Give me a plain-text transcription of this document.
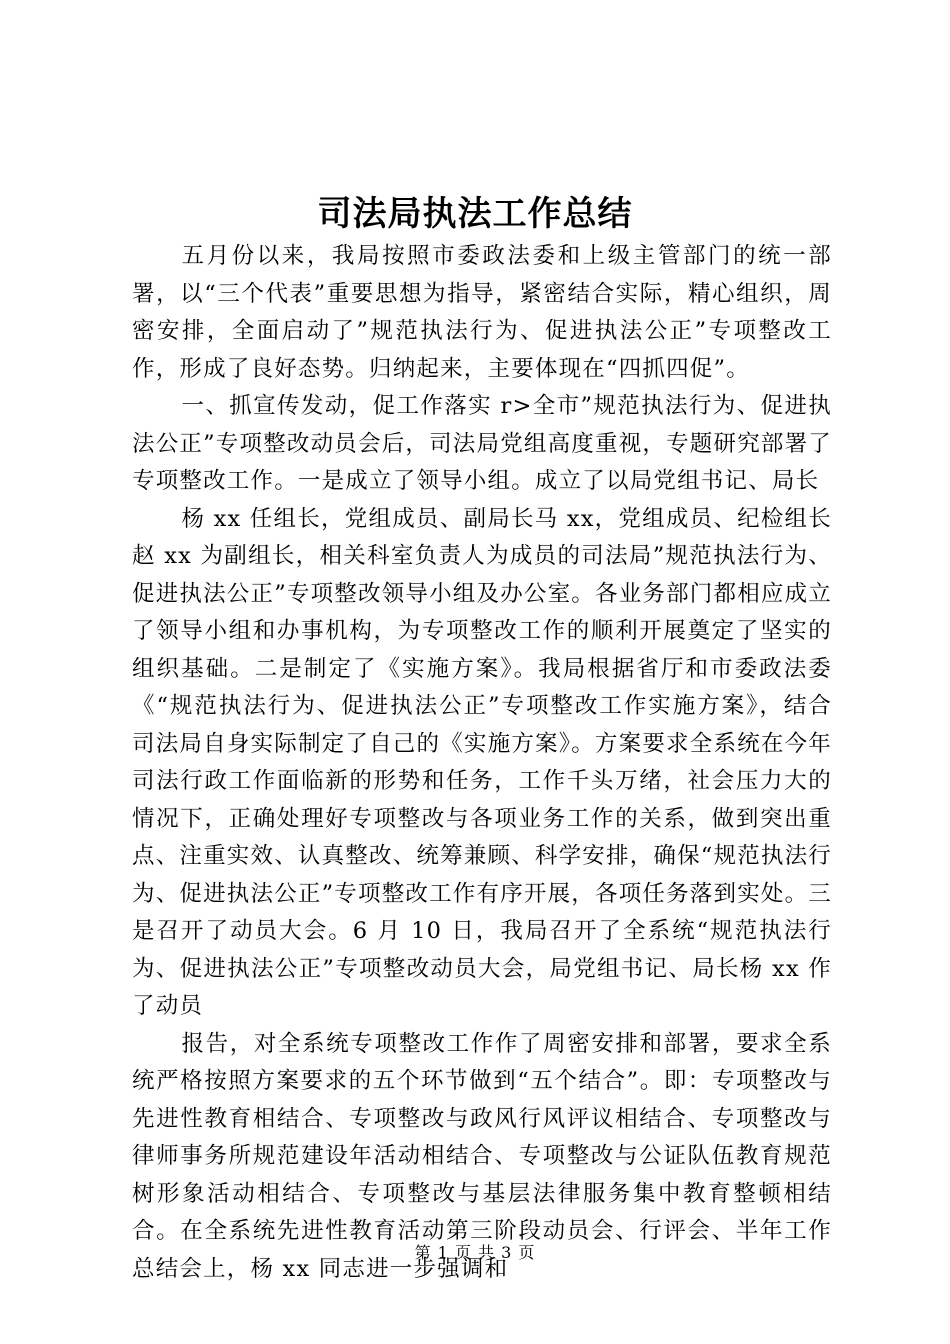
司法局执法工作总结

五月份以来，我局按照市委政法委和上级主管部门的统一部署，以“三个代表”重要思想为指导，紧密结合实际，精心组织，周密安排，全面启动了”规范执法行为、促进执法公正”专项整改工作，形成了良好态势。归纳起来，主要体现在“四抓四促”。

一、抓宣传发动，促工作落实 r>全市”规范执法行为、促进执法公正”专项整改动员会后，司法局党组高度重视，专题研究部署了专项整改工作。一是成立了领导小组。成立了以局党组书记、局长

杨 xx 任组长，党组成员、副局长马 xx，党组成员、纪检组长赵 xx 为副组长，相关科室负责人为成员的司法局”规范执法行为、促进执法公正”专项整改领导小组及办公室。各业务部门都相应成立了领导小组和办事机构，为专项整改工作的顺利开展奠定了坚实的组织基础。二是制定了《实施方案》。我局根据省厅和市委政法委《“规范执法行为、促进执法公正”专项整改工作实施方案》，结合司法局自身实际制定了自己的《实施方案》。方案要求全系统在今年司法行政工作面临新的形势和任务，工作千头万绪，社会压力大的情况下，正确处理好专项整改与各项业务工作的关系，做到突出重点、注重实效、认真整改、统筹兼顾、科学安排，确保“规范执法行为、促进执法公正”专项整改工作有序开展，各项任务落到实处。三是召开了动员大会。6 月 10 日，我局召开了全系统“规范执法行为、促进执法公正”专项整改动员大会，局党组书记、局长杨 xx 作了动员

报告，对全系统专项整改工作作了周密安排和部署，要求全系统严格按照方案要求的五个环节做到“五个结合”。即：专项整改与先进性教育相结合、专项整改与政风行风评议相结合、专项整改与律师事务所规范建设年活动相结合、专项整改与公证队伍教育规范树形象活动相结合、专项整改与基层法律服务集中教育整顿相结合。在全系统先进性教育活动第三阶段动员会、行评会、半年工作总结会上，杨 xx 同志进一步强调和

第 1 页 共 3 页
